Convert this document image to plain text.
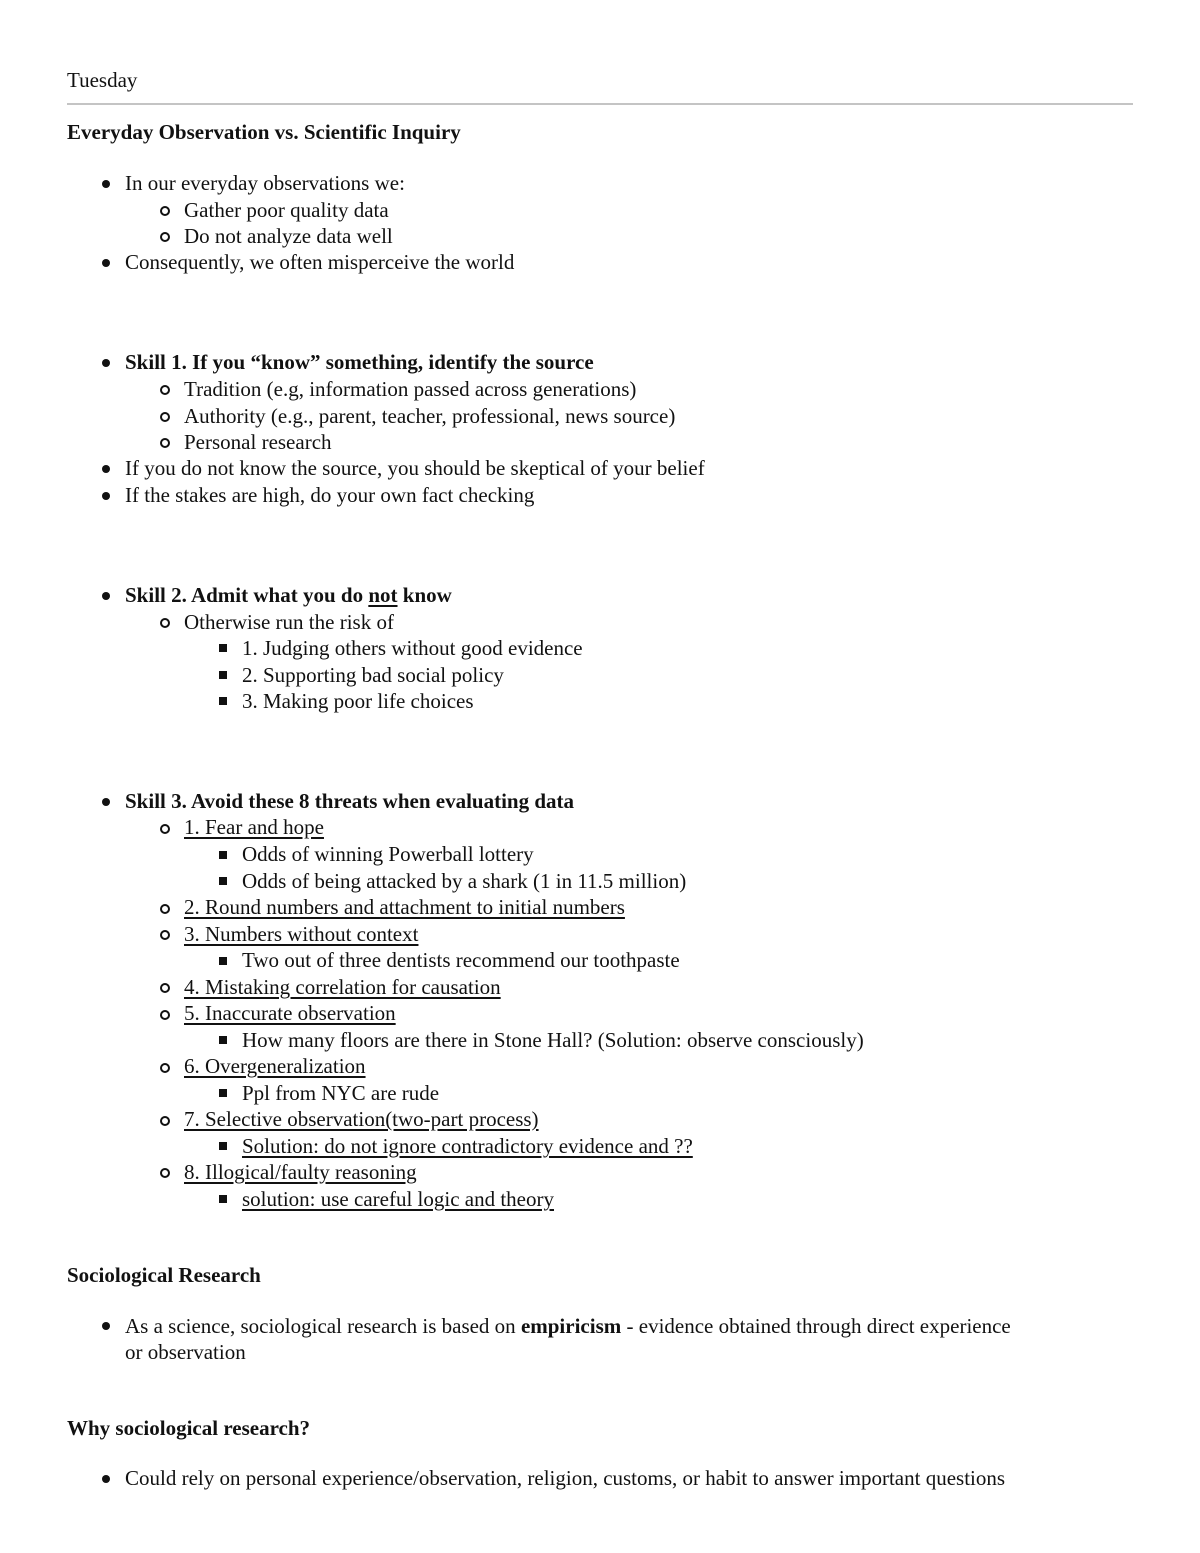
Tuesday
Everyday Observation vs. Scientific Inquiry
In our everyday observations we:
Gather poor quality data
Do not analyze data well
Consequently, we often misperceive the world
Skill 1. If you “know” something, identify the source
Tradition (e.g, information passed across generations)
Authority (e.g., parent, teacher, professional, news source)
Personal research
If you do not know the source, you should be skeptical of your belief
If the stakes are high, do your own fact checking
Skill 2. Admit what you do not know
Otherwise run the risk of
1. Judging others without good evidence
2. Supporting bad social policy
3. Making poor life choices
Skill 3. Avoid these 8 threats when evaluating data
1. Fear and hope
Odds of winning Powerball lottery
Odds of being attacked by a shark (1 in 11.5 million)
2. Round numbers and attachment to initial numbers
3. Numbers without context
Two out of three dentists recommend our toothpaste
4. Mistaking correlation for causation
5. Inaccurate observation
How many floors are there in Stone Hall? (Solution: observe consciously)
6. Overgeneralization
Ppl from NYC are rude
7. Selective observation(two-part process)
Solution: do not ignore contradictory evidence and ??
8. Illogical/faulty reasoning
solution: use careful logic and theory
Sociological Research
As a science, sociological research is based on empiricism - evidence obtained through direct experience
or observation
Why sociological research?
Could rely on personal experience/observation, religion, customs, or habit to answer important questions
